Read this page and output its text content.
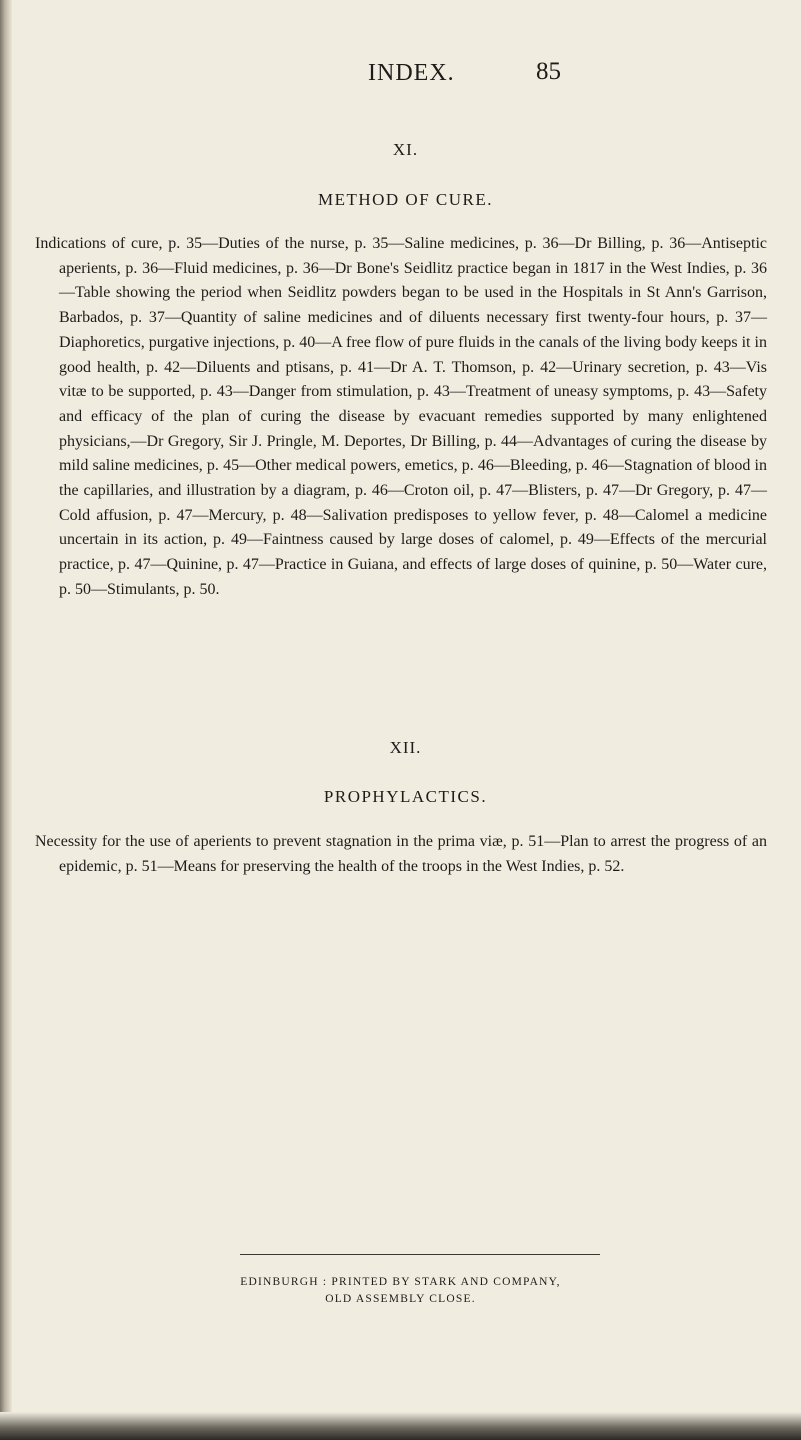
INDEX.	85

XI.

METHOD OF CURE.

Indications of cure, p. 35—Duties of the nurse, p. 35—Saline medicines, p. 36—Dr Billing, p. 36—Antiseptic aperients, p. 36—Fluid medicines, p. 36—Dr Bone's Seidlitz practice began in 1817 in the West Indies, p. 36—Table showing the period when Seidlitz powders began to be used in the Hospitals in St Ann's Garrison, Barbados, p. 37—Quantity of saline medicines and of diluents necessary first twenty-four hours, p. 37—Diaphoretics, purgative injections, p. 40—A free flow of pure fluids in the canals of the living body keeps it in good health, p. 42—Diluents and ptisans, p. 41—Dr A. T. Thomson, p. 42—Urinary secretion, p. 43—Vis vitæ to be supported, p. 43—Danger from stimulation, p. 43—Treatment of uneasy symptoms, p. 43—Safety and efficacy of the plan of curing the disease by evacuant remedies supported by many enlightened physicians,—Dr Gregory, Sir J. Pringle, M. Deportes, Dr Billing, p. 44—Advantages of curing the disease by mild saline medicines, p. 45—Other medical powers, emetics, p. 46—Bleeding, p. 46—Stagnation of blood in the capillaries, and illustration by a diagram, p. 46—Croton oil, p. 47—Blisters, p. 47—Dr Gregory, p. 47—Cold affusion, p. 47—Mercury, p. 48—Salivation predisposes to yellow fever, p. 48—Calomel a medicine uncertain in its action, p. 49—Faintness caused by large doses of calomel, p. 49—Effects of the mercurial practice, p. 47—Quinine, p. 47—Practice in Guiana, and effects of large doses of quinine, p. 50—Water cure, p. 50—Stimulants, p. 50.

XII.

PROPHYLACTICS.

Necessity for the use of aperients to prevent stagnation in the prima viæ, p. 51—Plan to arrest the progress of an epidemic, p. 51—Means for preserving the health of the troops in the West Indies, p. 52.

EDINBURGH : PRINTED BY STARK AND COMPANY,
OLD ASSEMBLY CLOSE.
